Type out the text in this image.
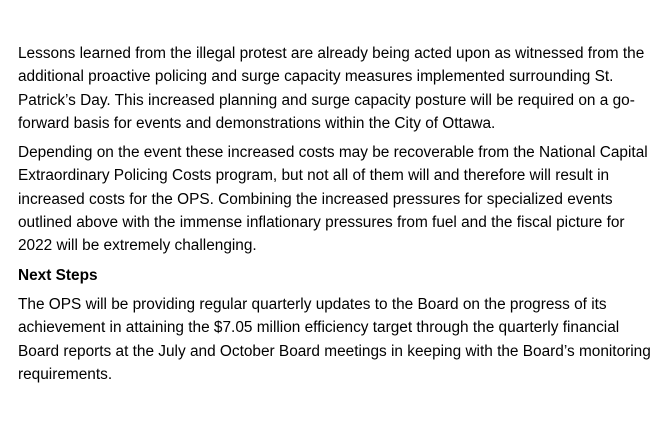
Lessons learned from the illegal protest are already being acted upon as witnessed from the additional proactive policing and surge capacity measures implemented surrounding St. Patrick’s Day. This increased planning and surge capacity posture will be required on a go-forward basis for events and demonstrations within the City of Ottawa.

Depending on the event these increased costs may be recoverable from the National Capital Extraordinary Policing Costs program, but not all of them will and therefore will result in increased costs for the OPS. Combining the increased pressures for specialized events outlined above with the immense inflationary pressures from fuel and the fiscal picture for 2022 will be extremely challenging.

Next Steps

The OPS will be providing regular quarterly updates to the Board on the progress of its achievement in attaining the $7.05 million efficiency target through the quarterly financial Board reports at the July and October Board meetings in keeping with the Board’s monitoring requirements.
